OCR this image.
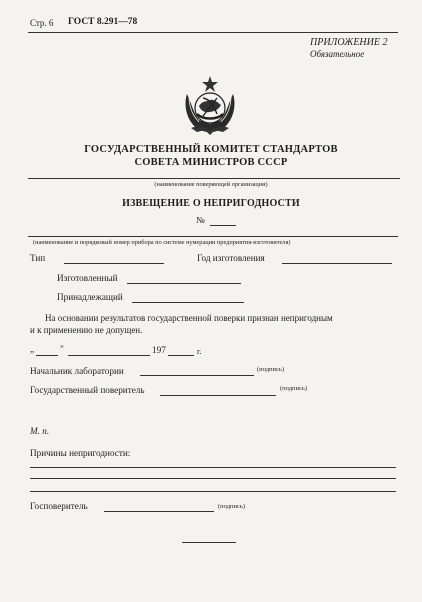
Стр. 6 ГОСТ 8.291—78
ПРИЛОЖЕНИЕ 2
Обязательное
ГОСУДАРСТВЕННЫЙ КОМИТЕТ СТАНДАРТОВ
СОВЕТА МИНИСТРОВ СССР
(наименование поверяющей организации)
ИЗВЕЩЕНИЕ О НЕПРИГОДНОСТИ
№
(наименование и порядковый номер прибора по системе нумерации предприятия-изготовителя)
Тип	Год изготовления
Изготовленный
Принадлежащий
На основании результатов государственной поверки признан непригодным
и к применению не допущен.
„	"	197	г.
Начальник лаборатории	(подпись)
Государственный поверитель	(подпись)
М. п.
Причины непригодности:
Госповеритель	(подпись)
